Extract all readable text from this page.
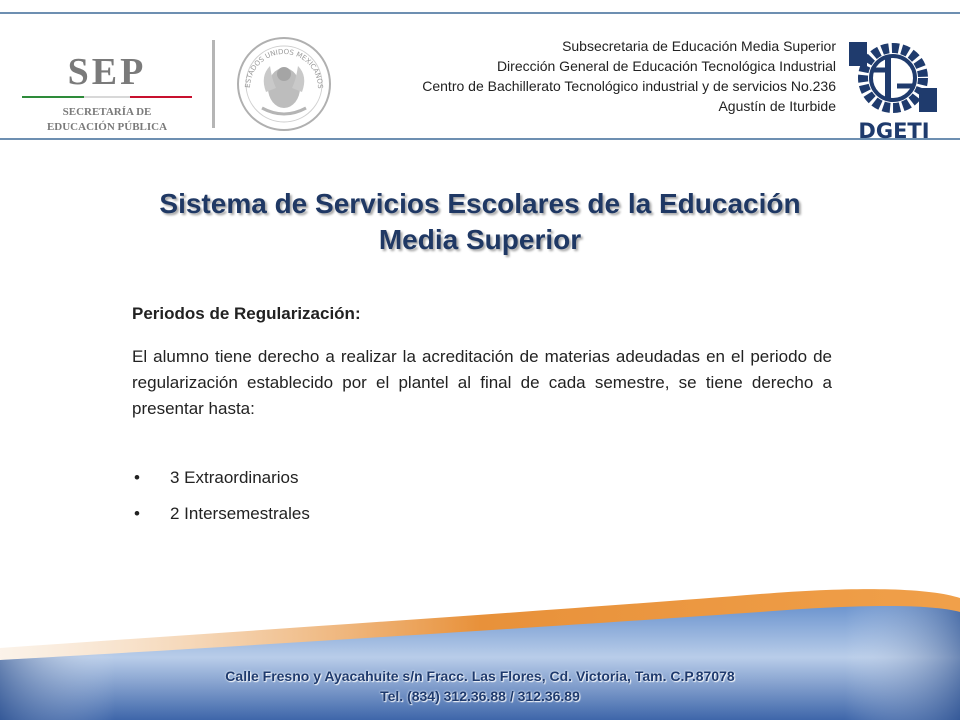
SEP
SECRETARÍA DE
EDUCACIÓN PÚBLICA
ESTADOS UNIDOS MEXICANOS
Subsecretaria de Educación Media Superior
Dirección General de Educación Tecnológica Industrial
Centro de Bachillerato Tecnológico industrial y de servicios No.236
Agustín de Iturbide
DGETI
Sistema de Servicios Escolares de la Educación
Media Superior
Periodos de Regularización:
El alumno tiene derecho a realizar la acreditación de materias adeudadas en el periodo de regularización establecido por el plantel al final de cada semestre, se tiene derecho a presentar hasta:
• 3 Extraordinarios
• 2 Intersemestrales
Calle Fresno y Ayacahuite s/n Fracc. Las Flores, Cd. Victoria, Tam. C.P.87078
Tel. (834) 312.36.88 / 312.36.89
